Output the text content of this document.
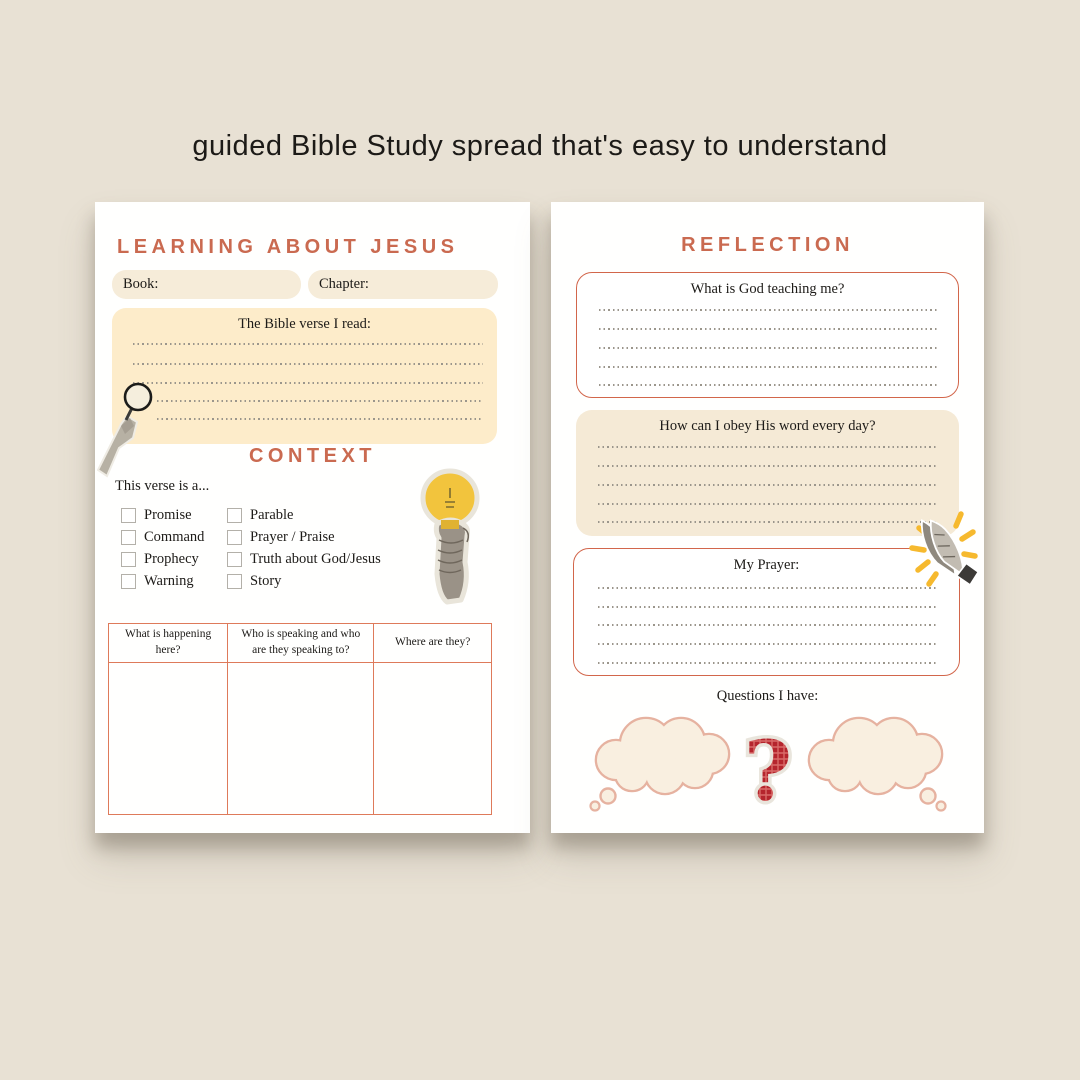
guided Bible Study spread that's easy to understand
LEARNING ABOUT JESUS
Book:	Chapter:
The Bible verse I read:
CONTEXT
This verse is a...
Promise
Command
Prophecy
Warning
Parable
Prayer / Praise
Truth about God/Jesus
Story
What is happening here?
Who is speaking and who are they speaking to?
Where are they?
REFLECTION
What is God teaching me?
How can I obey His word every day?
My Prayer:
Questions I have:
?
